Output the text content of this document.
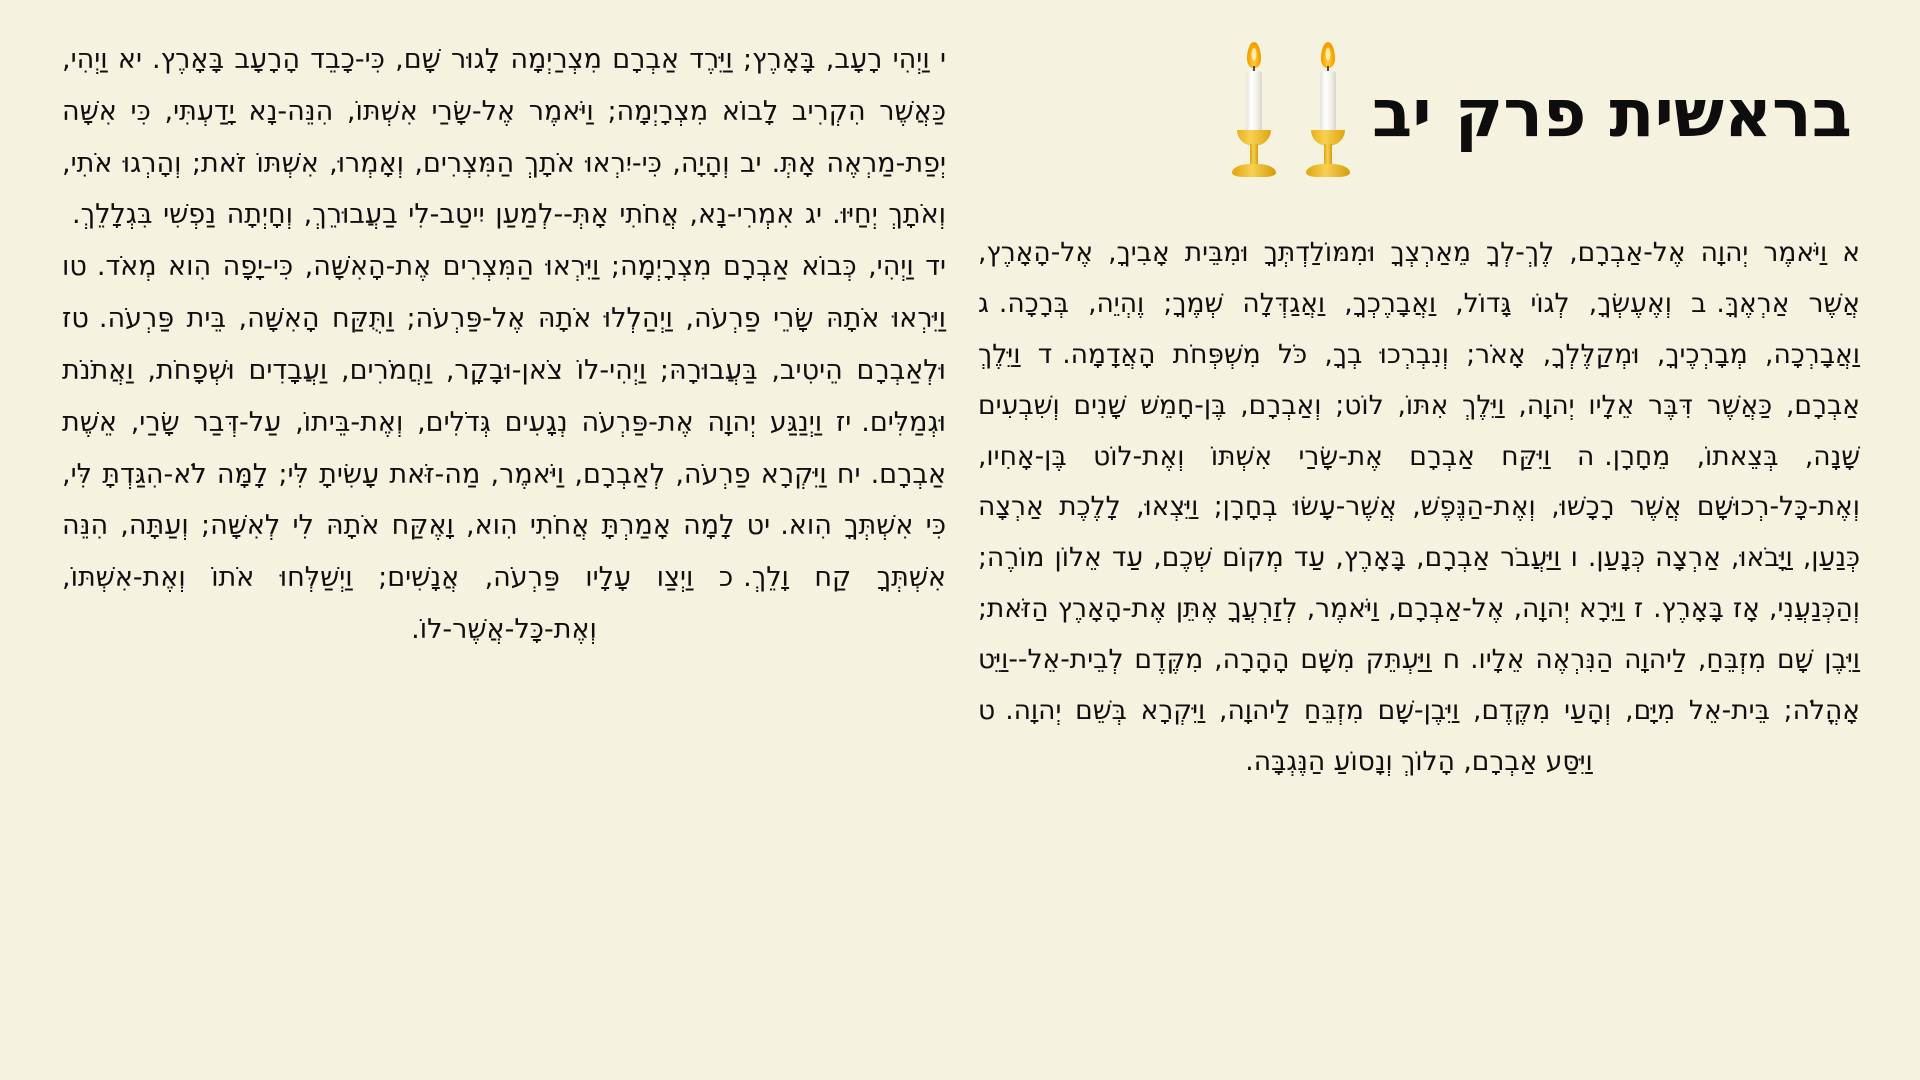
בראשית פרק יב
א וַיֹּאמֶר יְהוָה אֶל-אַבְרָם, לֶךְ-לְךָ מֵאַרְצְךָ וּמִמּוֹלַדְתְּךָ וּמִבֵּית אָבִיךָ, אֶל-הָאָרֶץ, אֲשֶׁר אַרְאֶךָּ.  ב וְאֶעֶשְׂךָ, לְגוֹי גָּדוֹל, וַאֲבָרֶכְךָ, וַאֲגַדְּלָה שְׁמֶךָ; וֶהְיֵה, בְּרָכָה.  ג וַאֲבָרְכָה, מְבָרְכֶיךָ, וּמְקַלֶּלְךָ, אָאֹר; וְנִבְרְכוּ בְךָ, כֹּל מִשְׁפְּחֹת הָאֲדָמָה.  ד וַיֵּלֶךְ אַבְרָם, כַּאֲשֶׁר דִּבֶּר אֵלָיו יְהוָה, וַיֵּלֶךְ אִתּוֹ, לוֹט; וְאַבְרָם, בֶּן-חָמֵשׁ שָׁנִים וְשִׁבְעִים שָׁנָה, בְּצֵאתוֹ, מֵחָרָן.  ה וַיִּקַּח אַבְרָם אֶת-שָׂרַי אִשְׁתּוֹ וְאֶת-לוֹט בֶּן-אָחִיו, וְאֶת-כָּל-רְכוּשָׁם אֲשֶׁר רָכָשׁוּ, וְאֶת-הַנֶּפֶשׁ, אֲשֶׁר-עָשׂוּ בְחָרָן; וַיֵּצְאוּ, לָלֶכֶת אַרְצָה כְּנַעַן, וַיָּבֹאוּ, אַרְצָה כְּנָעַן.  ו וַיַּעֲבֹר אַבְרָם, בָּאָרֶץ, עַד מְקוֹם שְׁכֶם, עַד אֵלוֹן מוֹרֶה; וְהַכְּנַעֲנִי, אָז בָּאָרֶץ.  ז וַיֵּרָא יְהוָה, אֶל-אַבְרָם, וַיֹּאמֶר, לְזַרְעֲךָ אֶתֵּן אֶת-הָאָרֶץ הַזֹּאת; וַיִּבֶן שָׁם מִזְבֵּחַ, לַיהוָה הַנִּרְאֶה אֵלָיו.  ח וַיַּעְתֵּק מִשָּׁם הָהָרָה, מִקֶּדֶם לְבֵית-אֵל--וַיֵּט אָהֳלֹה; בֵּית-אֵל מִיָּם, וְהָעַי מִקֶּדֶם, וַיִּבֶן-שָׁם מִזְבֵּחַ לַיהוָה, וַיִּקְרָא בְּשֵׁם יְהוָה.  ט וַיִּסַּע אַבְרָם, הָלוֹךְ וְנָסוֹעַ הַנֶּגְבָּה.
י וַיְהִי רָעָב, בָּאָרֶץ; וַיֵּרֶד אַבְרָם מִצְרַיְמָה לָגוּר שָׁם, כִּי-כָבֵד הָרָעָב בָּאָרֶץ.  יא וַיְהִי, כַּאֲשֶׁר הִקְרִיב לָבוֹא מִצְרָיְמָה; וַיֹּאמֶר אֶל-שָׂרַי אִשְׁתּוֹ, הִנֵּה-נָא יָדַעְתִּי, כִּי אִשָּׁה יְפַת-מַרְאֶה אָתְּ.  יב וְהָיָה, כִּי-יִרְאוּ אֹתָךְ הַמִּצְרִים, וְאָמְרוּ, אִשְׁתּוֹ זֹאת; וְהָרְגוּ אֹתִי, וְאֹתָךְ יְחַיּוּ.  יג אִמְרִי-נָא, אֲחֹתִי אָתְּ--לְמַעַן יִיטַב-לִי בַעֲבוּרֵךְ, וְחָיְתָה נַפְשִׁי בִּגְלָלֵךְ.  יד וַיְהִי, כְּבוֹא אַבְרָם מִצְרָיְמָה; וַיִּרְאוּ הַמִּצְרִים אֶת-הָאִשָּׁה, כִּי-יָפָה הִוא מְאֹד.  טו וַיִּרְאוּ אֹתָהּ שָׂרֵי פַרְעֹה, וַיְהַלְלוּ אֹתָהּ אֶל-פַּרְעֹה; וַתֻּקַּח הָאִשָּׁה, בֵּית פַּרְעֹה.  טז וּלְאַבְרָם הֵיטִיב, בַּעֲבוּרָהּ; וַיְהִי-לוֹ צֹאן-וּבָקָר, וַחֲמֹרִים, וַעֲבָדִים וּשְׁפָחֹת, וַאֲתֹנֹת וּגְמַלִּים.  יז וַיְנַגַּע יְהוָה אֶת-פַּרְעֹה נְגָעִים גְּדֹלִים, וְאֶת-בֵּיתוֹ, עַל-דְּבַר שָׂרַי, אֵשֶׁת אַבְרָם.  יח וַיִּקְרָא פַרְעֹה, לְאַבְרָם, וַיֹּאמֶר, מַה-זֹּאת עָשִׂיתָ לִּי; לָמָּה לֹא-הִגַּדְתָּ לִּי, כִּי אִשְׁתְּךָ הִוא.  יט לָמָה אָמַרְתָּ אֲחֹתִי הִוא, וָאֶקַּח אֹתָהּ לִי לְאִשָּׁה; וְעַתָּה, הִנֵּה אִשְׁתְּךָ קַח וָלֵךְ.  כ וַיְצַו עָלָיו פַּרְעֹה, אֲנָשִׁים; וַיְשַׁלְּחוּ אֹתוֹ וְאֶת-אִשְׁתּוֹ, וְאֶת-כָּל-אֲשֶׁר-לוֹ.
